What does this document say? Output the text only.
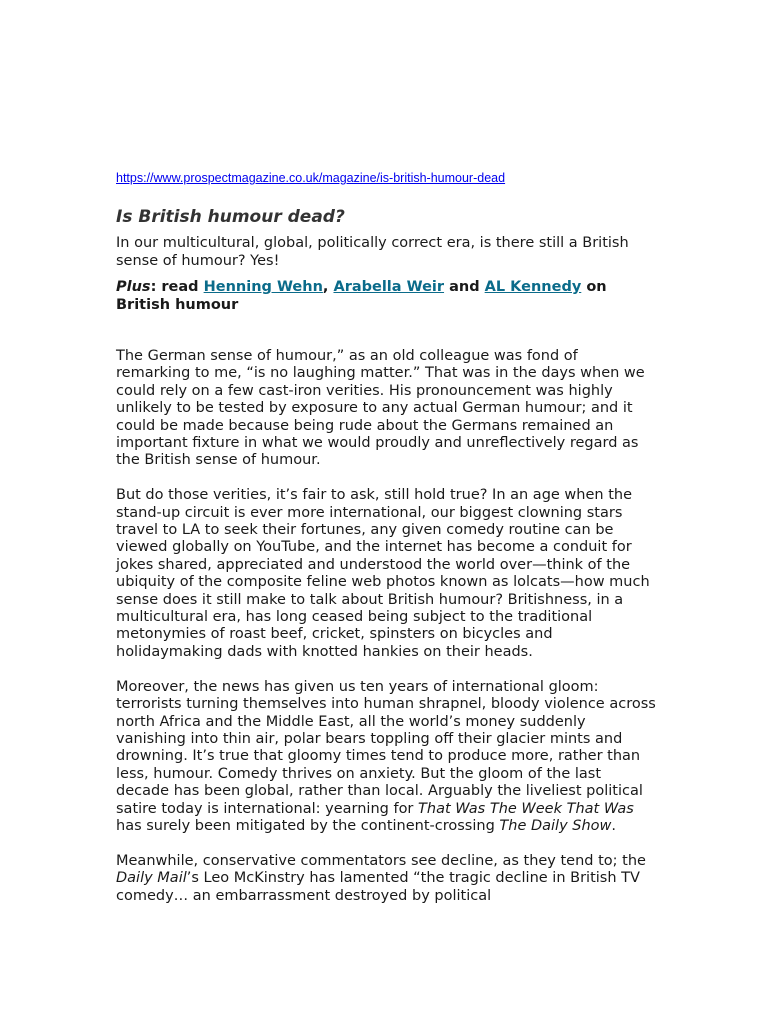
https://www.prospectmagazine.co.uk/magazine/is-british-humour-dead
Is British humour dead?

In our multicultural, global, politically correct era, is there still a British sense of humour? Yes!

Plus: read Henning Wehn, Arabella Weir and AL Kennedy on British humour

The German sense of humour,” as an old colleague was fond of remarking to me, “is no laughing matter.” That was in the days when we could rely on a few cast-iron verities. His pronouncement was highly unlikely to be tested by exposure to any actual German humour; and it could be made because being rude about the Germans remained an important fixture in what we would proudly and unreflectively regard as the British sense of humour.

But do those verities, it’s fair to ask, still hold true? In an age when the stand-up circuit is ever more international, our biggest clowning stars travel to LA to seek their fortunes, any given comedy routine can be viewed globally on YouTube, and the internet has become a conduit for jokes shared, appreciated and understood the world over—think of the ubiquity of the composite feline web photos known as lolcats—how much sense does it still make to talk about British humour? Britishness, in a multicultural era, has long ceased being subject to the traditional metonymies of roast beef, cricket, spinsters on bicycles and holidaymaking dads with knotted hankies on their heads.

Moreover, the news has given us ten years of international gloom: terrorists turning themselves into human shrapnel, bloody violence across north Africa and the Middle East, all the world’s money suddenly vanishing into thin air, polar bears toppling off their glacier mints and drowning. It’s true that gloomy times tend to produce more, rather than less, humour. Comedy thrives on anxiety. But the gloom of the last decade has been global, rather than local. Arguably the liveliest political satire today is international: yearning for That Was The Week That Was has surely been mitigated by the continent-crossing The Daily Show.

Meanwhile, conservative commentators see decline, as they tend to; the Daily Mail’s Leo McKinstry has lamented “the tragic decline in British TV comedy… an embarrassment destroyed by political
